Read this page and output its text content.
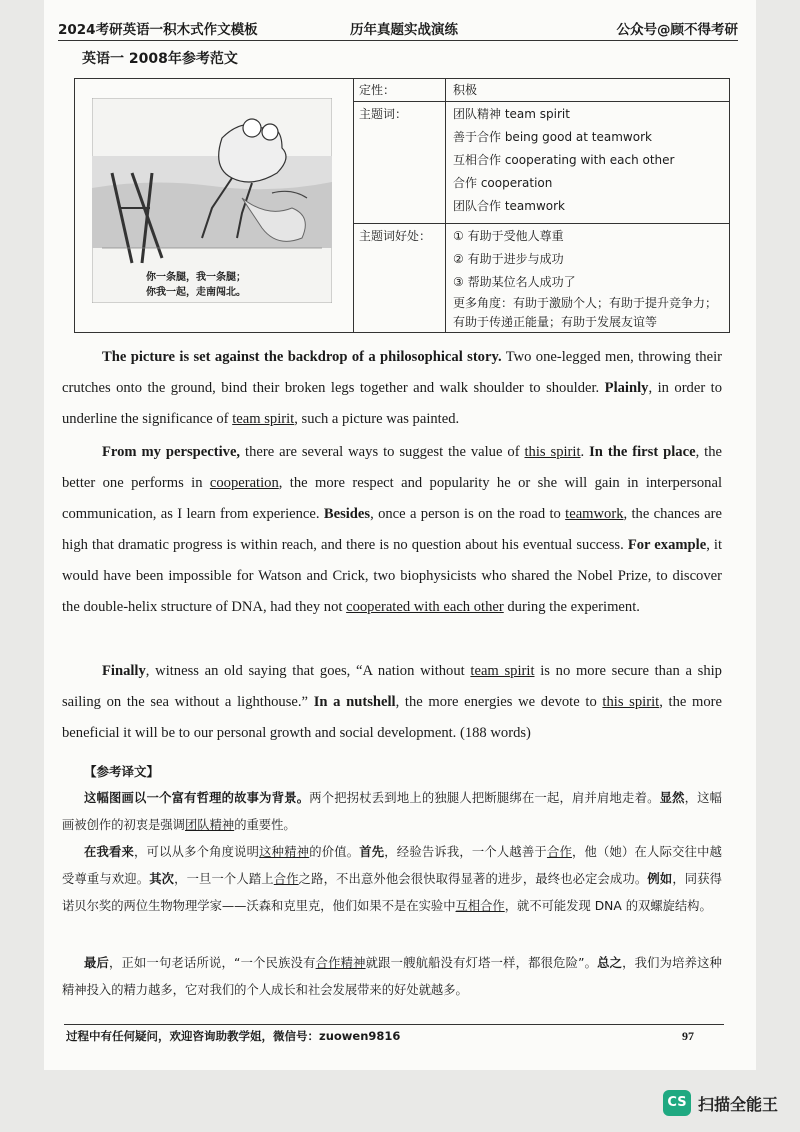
2024考研英语一积木式作文模板	历年真题实战演练	公众号@顾不得考研
英语一 2008年参考范文
定性：	积极
主题词：	团队精神 team spirit
善于合作 being good at teamwork
互相合作 cooperating with each other
合作 cooperation
团队合作 teamwork
主题词好处： ① 有助于受他人尊重
② 有助于进步与成功
③ 帮助某位名人成功了
更多角度：有助于激励个人；有助于提升竞争力；有助于传递正能量；有助于发展友谊等
你一条腿，我一条腿；
你我一起，走南闯北。

The picture is set against the backdrop of a philosophical story. Two one-legged men, throwing their crutches onto the ground, bind their broken legs together and walk shoulder to shoulder. Plainly, in order to underline the significance of team spirit, such a picture was painted.

From my perspective, there are several ways to suggest the value of this spirit. In the first place, the better one performs in cooperation, the more respect and popularity he or she will gain in interpersonal communication, as I learn from experience. Besides, once a person is on the road to teamwork, the chances are high that dramatic progress is within reach, and there is no question about his eventual success. For example, it would have been impossible for Watson and Crick, two biophysicists who shared the Nobel Prize, to discover the double-helix structure of DNA, had they not cooperated with each other during the experiment.

Finally, witness an old saying that goes, “A nation without team spirit is no more secure than a ship sailing on the sea without a lighthouse.” In a nutshell, the more energies we devote to this spirit, the more beneficial it will be to our personal growth and social development. (188 words)

【参考译文】

这幅图画以一个富有哲理的故事为背景。两个把拐杖丢到地上的独腿人把断腿绑在一起，肩并肩地走着。显然，这幅画被创作的初衷是强调团队精神的重要性。

在我看来，可以从多个角度说明这种精神的价值。首先，经验告诉我，一个人越善于合作，他（她）在人际交往中越受尊重与欢迎。其次，一旦一个人踏上合作之路，不出意外他会很快取得显著的进步，最终也必定会成功。例如，同获得诺贝尔奖的两位生物物理学家——沃森和克里克，他们如果不是在实验中互相合作，就不可能发现 DNA 的双螺旋结构。

最后，正如一句老话所说，“一个民族没有合作精神就跟一艘航船没有灯塔一样，都很危险”。总之，我们为培养这种精神投入的精力越多，它对我们的个人成长和社会发展带来的好处就越多。

过程中有任何疑问，欢迎咨询助教学姐，微信号：zuowen9816	97
CS 扫描全能王
